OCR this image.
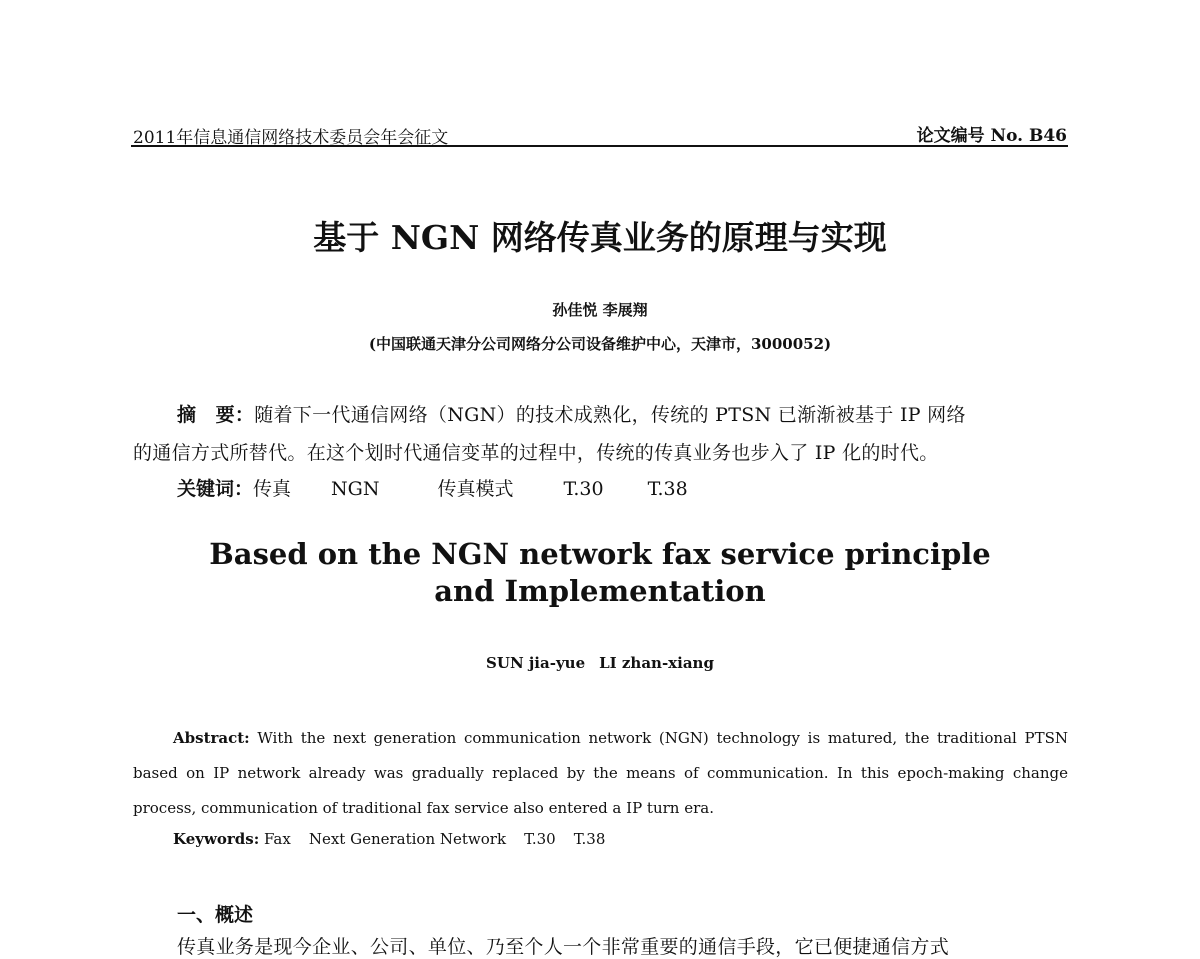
2011年信息通信网络技术委员会年会征文	论文编号 No. B46
基于 NGN 网络传真业务的原理与实现
孙佳悦 李展翔
(中国联通天津分公司网络分公司设备维护中心，天津市，3000052)
摘　要：随着下一代通信网络（NGN）的技术成熟化，传统的 PTSN 已渐渐被基于 IP 网络
的通信方式所替代。在这个划时代通信变革的过程中，传统的传真业务也步入了 IP 化的时代。
关键词：传真 NGN	传真模式	T.30 T.38
Based on the NGN network fax service principle
and Implementation
SUN jia-yue LI zhan-xiang
Abstract: With the next generation communication network (NGN) technology is matured, the traditional PTSN based on IP network already was gradually replaced by the means of communication. In this epoch-making change process, communication of traditional fax service also entered a IP turn era.
Keywords: Fax Next Generation Network T.30 T.38
一、概述
传真业务是现今企业、公司、单位、乃至个人一个非常重要的通信手段，它已便捷通信方式
